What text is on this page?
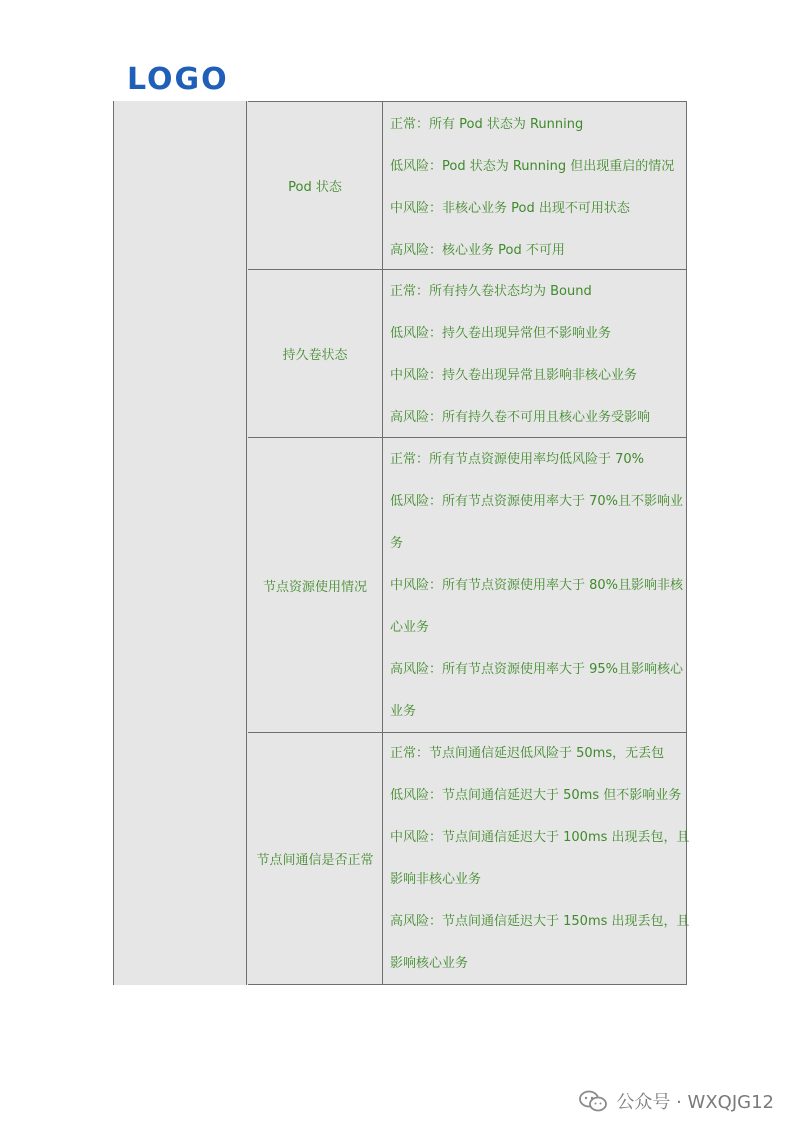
LOGO
Pod 状态
正常：所有 Pod 状态为 Running
低风险：Pod 状态为 Running 但出现重启的情况
中风险：非核心业务 Pod 出现不可用状态
高风险：核心业务 Pod 不可用
持久卷状态
正常：所有持久卷状态均为 Bound
低风险：持久卷出现异常但不影响业务
中风险：持久卷出现异常且影响非核心业务
高风险：所有持久卷不可用且核心业务受影响
节点资源使用情况
正常：所有节点资源使用率均低风险于 70%
低风险：所有节点资源使用率大于 70%且不影响业
务
中风险：所有节点资源使用率大于 80%且影响非核
心业务
高风险：所有节点资源使用率大于 95%且影响核心
业务
节点间通信是否正常
正常：节点间通信延迟低风险于 50ms，无丢包
低风险：节点间通信延迟大于 50ms 但不影响业务
中风险：节点间通信延迟大于 100ms 出现丢包，且
影响非核心业务
高风险：节点间通信延迟大于 150ms 出现丢包，且
影响核心业务
公众号 · WXQJG12
